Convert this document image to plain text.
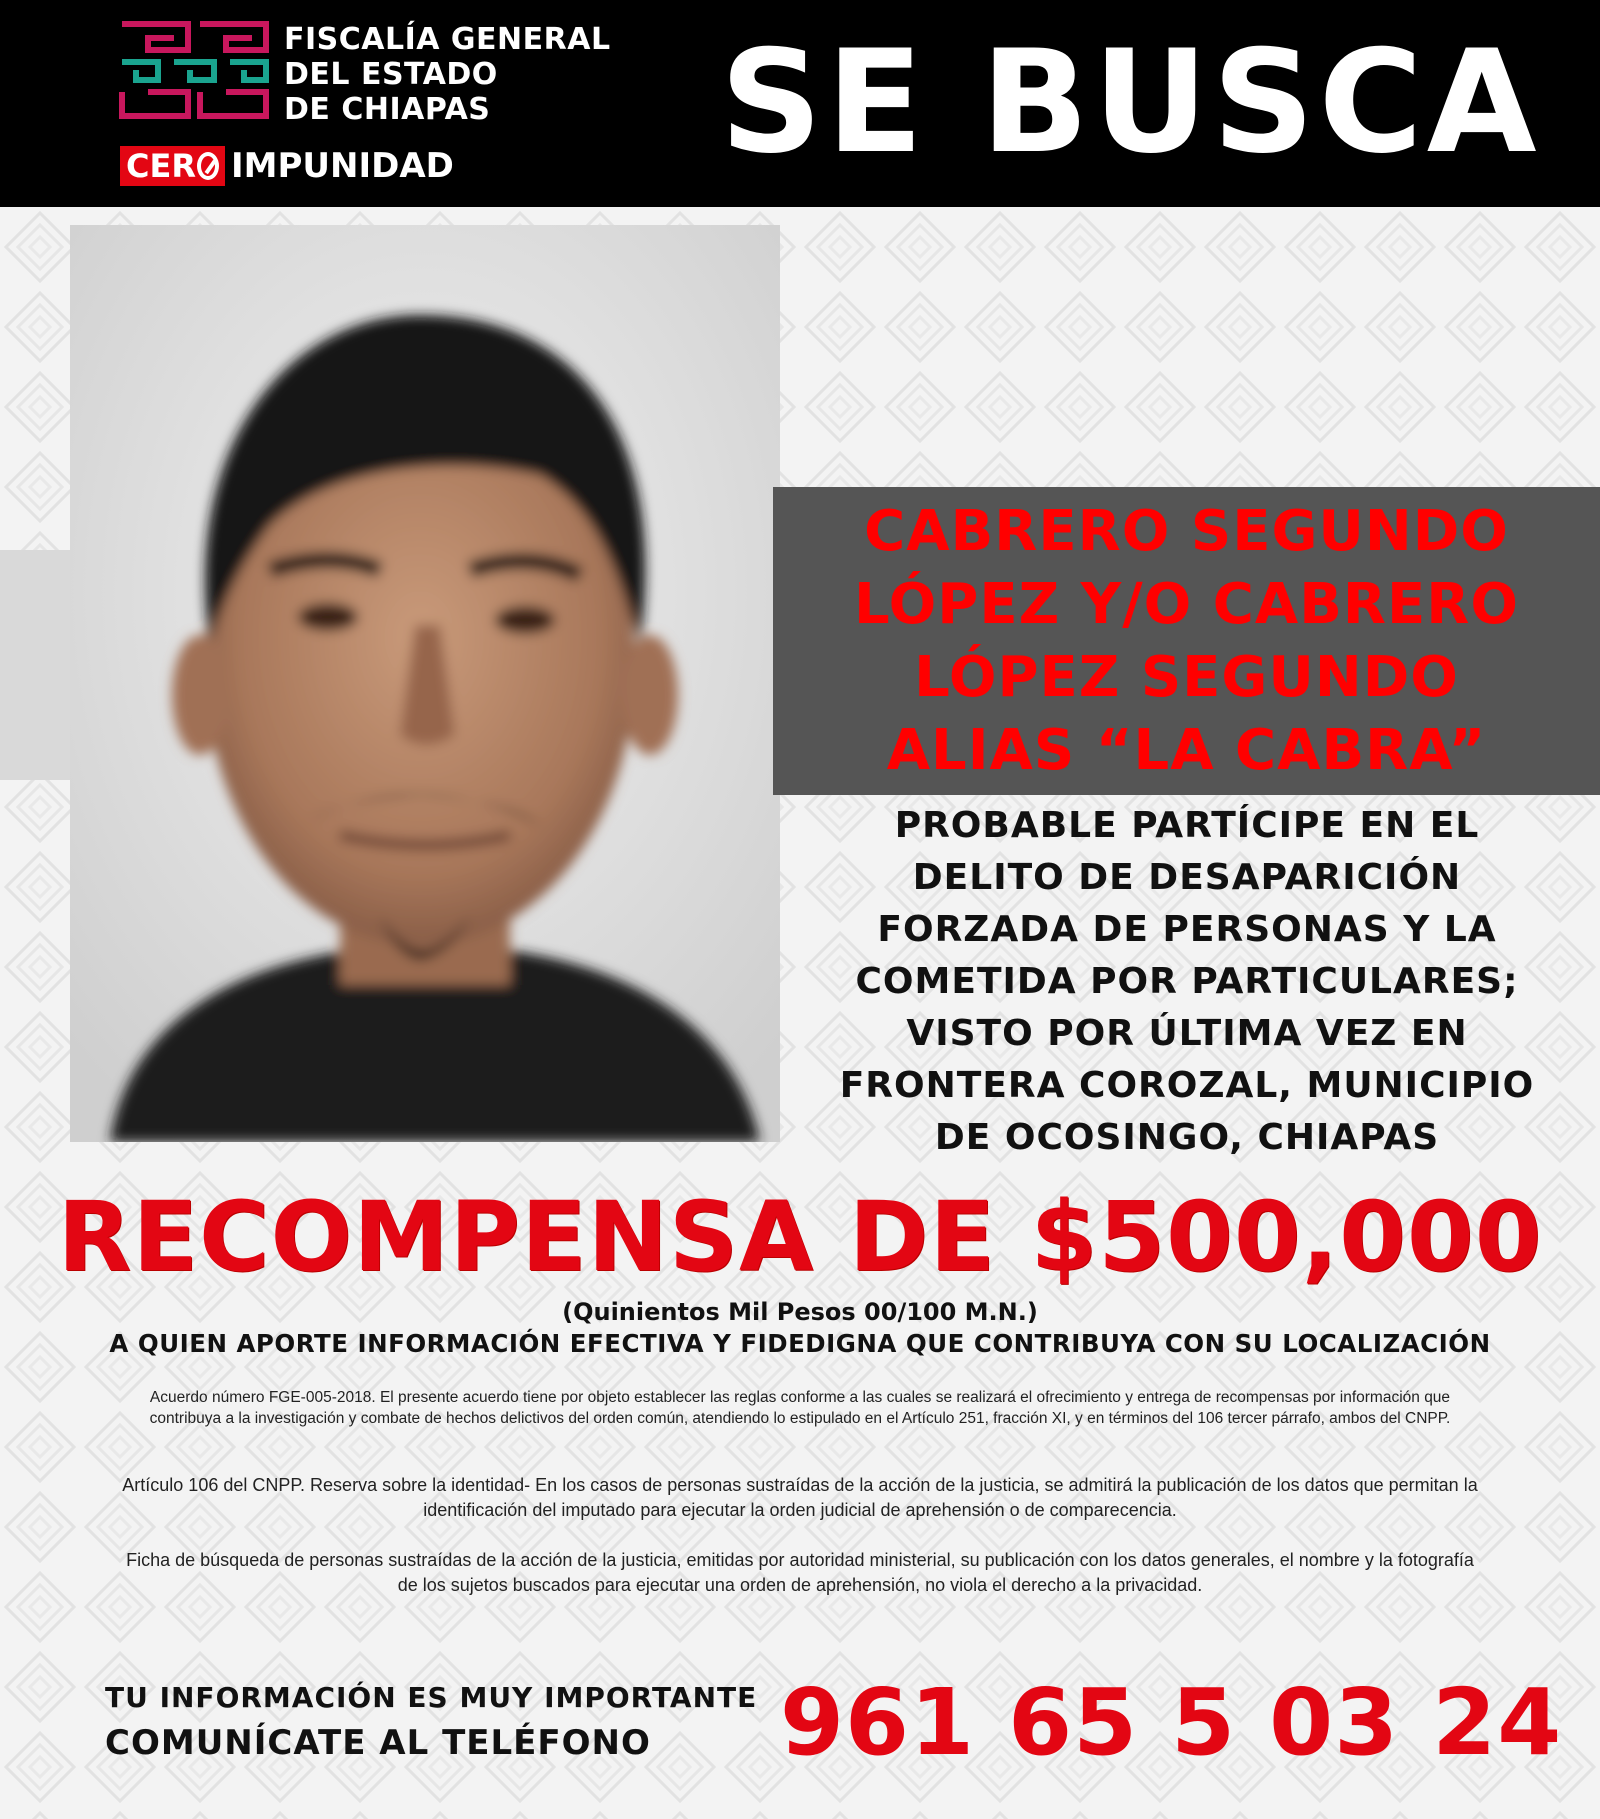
FISCALÍA GENERAL
DEL ESTADO
DE CHIAPAS
CER IMPUNIDAD SE BUSCA
CABRERO SEGUNDO
LÓPEZ Y/O CABRERO
LÓPEZ SEGUNDO
ALIAS “LA CABRA”
PROBABLE PARTÍCIPE EN EL
DELITO DE DESAPARICIÓN
FORZADA DE PERSONAS Y LA
COMETIDA POR PARTICULARES;
VISTO POR ÚLTIMA VEZ EN
FRONTERA COROZAL, MUNICIPIO
DE OCOSINGO, CHIAPAS
RECOMPENSA DE $500,000
(Quinientos Mil Pesos 00/100 M.N.)
A QUIEN APORTE INFORMACIÓN EFECTIVA Y FIDEDIGNA QUE CONTRIBUYA CON SU LOCALIZACIÓN
Acuerdo número FGE-005-2018. El presente acuerdo tiene por objeto establecer las reglas conforme a las cuales se realizará el ofrecimiento y entrega de recompensas por información que contribuya a la investigación y combate de hechos delictivos del orden común, atendiendo lo estipulado en el Artículo 251, fracción XI, y en términos del 106 tercer párrafo, ambos del CNPP.
Artículo 106 del CNPP. Reserva sobre la identidad- En los casos de personas sustraídas de la acción de la justicia, se admitirá la publicación de los datos que permitan la identificación del imputado para ejecutar la orden judicial de aprehensión o de comparecencia.
Ficha de búsqueda de personas sustraídas de la acción de la justicia, emitidas por autoridad ministerial, su publicación con los datos generales, el nombre y la fotografía de los sujetos buscados para ejecutar una orden de aprehensión, no viola el derecho a la privacidad.
TU INFORMACIÓN ES MUY IMPORTANTE
COMUNÍCATE AL TELÉFONO	961 65 5 03 24
